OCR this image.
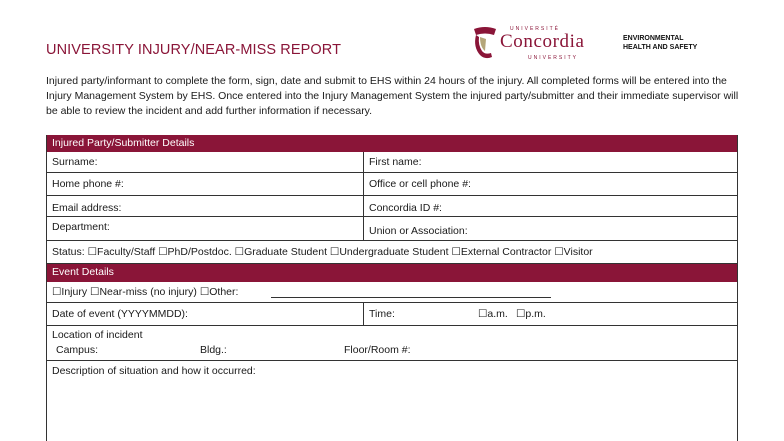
UNIVERSITY INJURY/NEAR-MISS REPORT
UNIVERSITÉ
Concordia
UNIVERSITY
ENVIRONMENTAL
HEALTH AND SAFETY
Injured party/informant to complete the form, sign, date and submit to EHS within 24 hours of the injury. All completed forms will be entered into the Injury Management System by EHS. Once entered into the Injury Management System the injured party/submitter and their immediate supervisor will be able to review the incident and add further information if necessary.
Injured Party/Submitter Details
Surname:	First name:
Home phone #:	Office or cell phone #:
Email address:	Concordia ID #:
Department:	Union or Association:
Status: ☐Faculty/Staff ☐PhD/Postdoc. ☐Graduate Student ☐Undergraduate Student ☐External Contractor ☐Visitor
Event Details
☐Injury ☐Near-miss (no injury) ☐Other:
Date of event (YYYYMMDD):	Time:	☐a.m. ☐p.m.
Location of incident
Campus:	Bldg.:	Floor/Room #:
Description of situation and how it occurred:
